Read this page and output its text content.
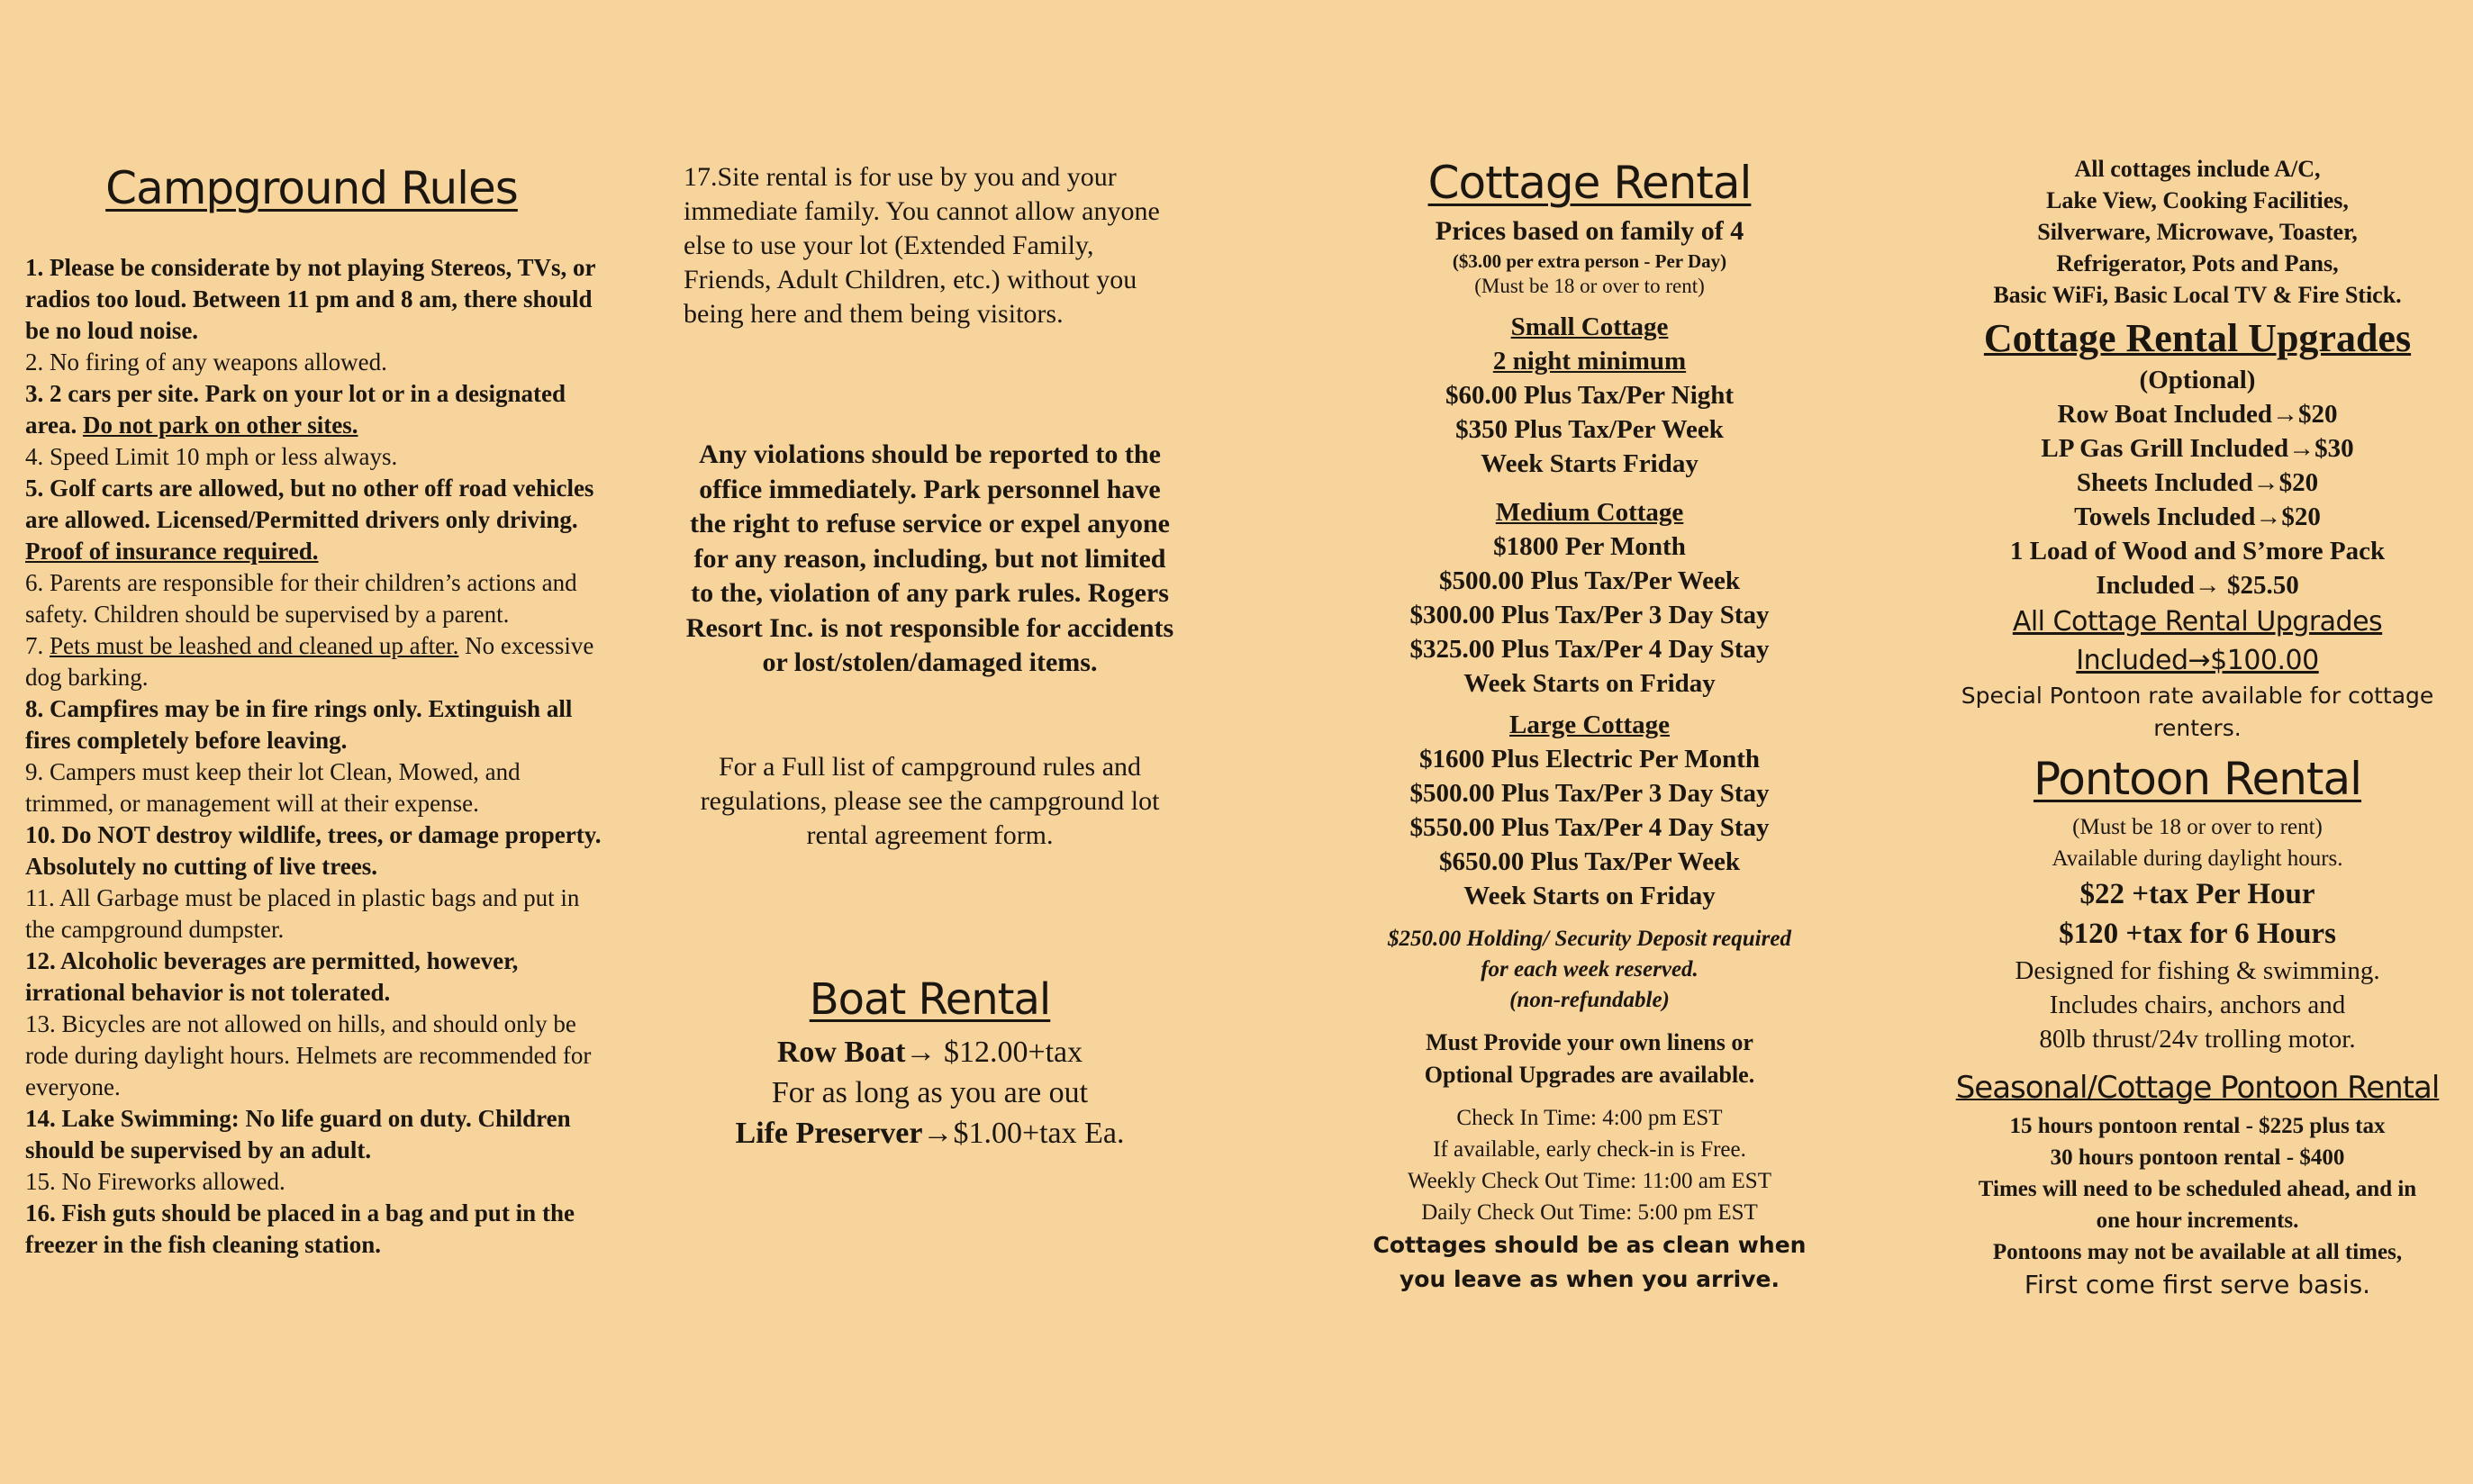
Campground Rules

1. Please be considerate by not playing Stereos, TVs, or radios too loud. Between 11 pm and 8 am, there should be no loud noise.

2. No firing of any weapons allowed.

3. 2 cars per site. Park on your lot or in a designated area. Do not park on other sites.

4. Speed Limit 10 mph or less always.

5. Golf carts are allowed, but no other off road vehicles are allowed. Licensed/Permitted drivers only driving.

Proof of insurance required.

6. Parents are responsible for their children’s actions and safety. Children should be supervised by a parent.

7. Pets must be leashed and cleaned up after. No excessive dog barking.

8. Campfires may be in fire rings only. Extinguish all fires completely before leaving.

9. Campers must keep their lot Clean, Mowed, and trimmed, or management will at their expense.

10. Do NOT destroy wildlife, trees, or damage property. Absolutely no cutting of live trees.

11. All Garbage must be placed in plastic bags and put in the campground dumpster.

12. Alcoholic beverages are permitted, however, irrational behavior is not tolerated.

13. Bicycles are not allowed on hills, and should only be rode during daylight hours. Helmets are recommended for everyone.

14. Lake Swimming: No life guard on duty. Children should be supervised by an adult.

15. No Fireworks allowed.

16. Fish guts should be placed in a bag and put in the freezer in the fish cleaning station.

17.Site rental is for use by you and your immediate family. You cannot allow anyone else to use your lot (Extended Family, Friends, Adult Children, etc.) without you being here and them being visitors.

Any violations should be reported to the office immediately. Park personnel have the right to refuse service or expel anyone for any reason, including, but not limited to the, violation of any park rules. Rogers Resort Inc. is not responsible for accidents or lost/stolen/damaged items.

For a Full list of campground rules and regulations, please see the campground lot rental agreement form.

Boat Rental

Row Boat→ $12.00+tax

For as long as you are out

Life Preserver→$1.00+tax Ea.

Cottage Rental

Prices based on family of 4

($3.00 per extra person - Per Day)

(Must be 18 or over to rent)

Small Cottage

2 night minimum

$60.00 Plus Tax/Per Night

$350 Plus Tax/Per Week

Week Starts Friday

Medium Cottage

$1800 Per Month

$500.00 Plus Tax/Per Week

$300.00 Plus Tax/Per 3 Day Stay

$325.00 Plus Tax/Per 4 Day Stay

Week Starts on Friday

Large Cottage

$1600 Plus Electric Per Month

$500.00 Plus Tax/Per 3 Day Stay

$550.00 Plus Tax/Per 4 Day Stay

$650.00 Plus Tax/Per Week

Week Starts on Friday

$250.00 Holding/ Security Deposit required

for each week reserved.

(non-refundable)

Must Provide your own linens or

Optional Upgrades are available.

Check In Time: 4:00 pm EST

If available, early check-in is Free.

Weekly Check Out Time: 11:00 am EST

Daily Check Out Time: 5:00 pm EST

Cottages should be as clean when

you leave as when you arrive.

All cottages include A/C,

Lake View, Cooking Facilities,

Silverware, Microwave, Toaster,

Refrigerator, Pots and Pans,

Basic WiFi, Basic Local TV & Fire Stick.

Cottage Rental Upgrades

(Optional)

Row Boat Included→$20

LP Gas Grill Included→$30

Sheets Included→$20

Towels Included→$20

1 Load of Wood and S’more Pack

Included→ $25.50

All Cottage Rental Upgrades

Included→$100.00

Special Pontoon rate available for cottage

renters.

Pontoon Rental

(Must be 18 or over to rent)

Available during daylight hours.

$22 +tax Per Hour

$120 +tax for 6 Hours

Designed for fishing & swimming.

Includes chairs, anchors and

80lb thrust/24v trolling motor.

Seasonal/Cottage Pontoon Rental

15 hours pontoon rental - $225 plus tax

30 hours pontoon rental - $400

Times will need to be scheduled ahead, and in

one hour increments.

Pontoons may not be available at all times,

First come first serve basis.
